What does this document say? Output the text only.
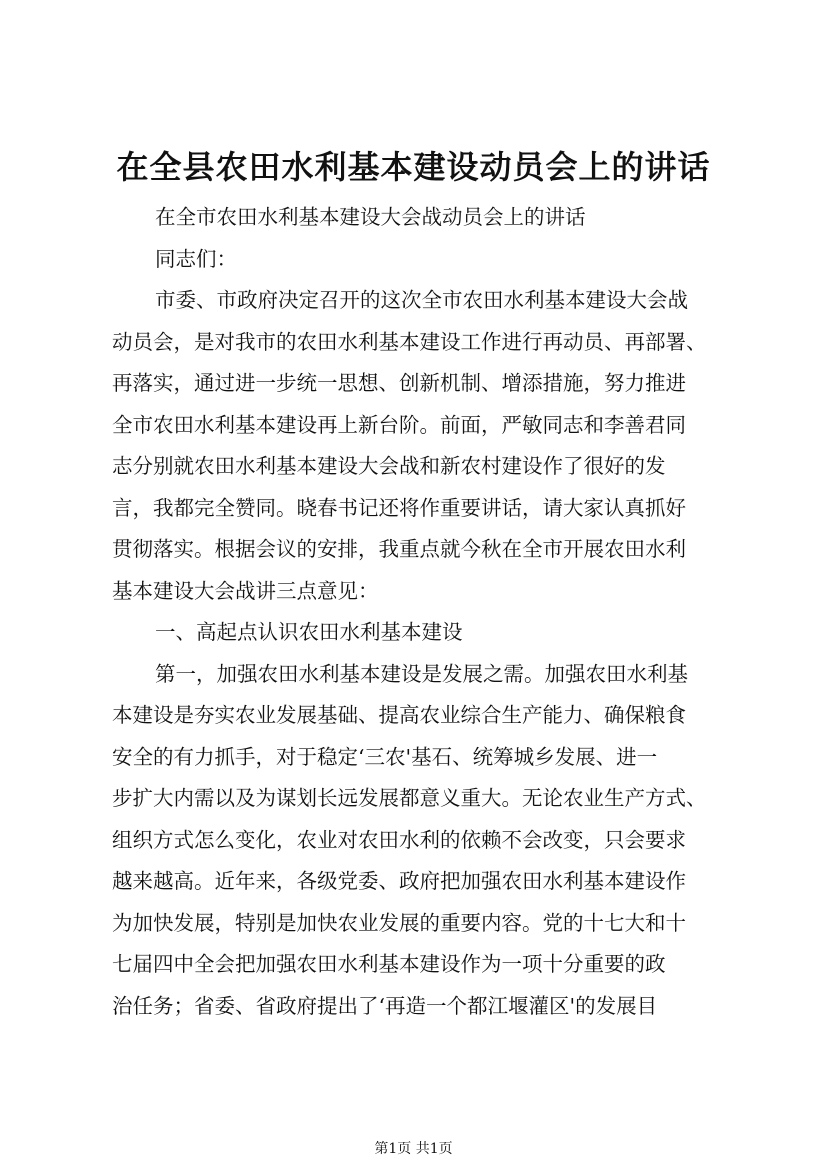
在全县农田水利基本建设动员会上的讲话
在全市农田水利基本建设大会战动员会上的讲话
同志们：
市委、市政府决定召开的这次全市农田水利基本建设大会战
动员会，是对我市的农田水利基本建设工作进行再动员、再部署、
再落实，通过进一步统一思想、创新机制、增添措施，努力推进
全市农田水利基本建设再上新台阶。前面，严敏同志和李善君同
志分别就农田水利基本建设大会战和新农村建设作了很好的发
言，我都完全赞同。晓春书记还将作重要讲话，请大家认真抓好
贯彻落实。根据会议的安排，我重点就今秋在全市开展农田水利
基本建设大会战讲三点意见：
一、高起点认识农田水利基本建设
第一，加强农田水利基本建设是发展之需。加强农田水利基
本建设是夯实农业发展基础、提高农业综合生产能力、确保粮食
安全的有力抓手，对于稳定‘三农'基石、统筹城乡发展、进一
步扩大内需以及为谋划长远发展都意义重大。无论农业生产方式、
组织方式怎么变化，农业对农田水利的依赖不会改变，只会要求
越来越高。近年来，各级党委、政府把加强农田水利基本建设作
为加快发展，特别是加快农业发展的重要内容。党的十七大和十
七届四中全会把加强农田水利基本建设作为一项十分重要的政
治任务；省委、省政府提出了‘再造一个都江堰灌区'的发展目
第1页 共1页
